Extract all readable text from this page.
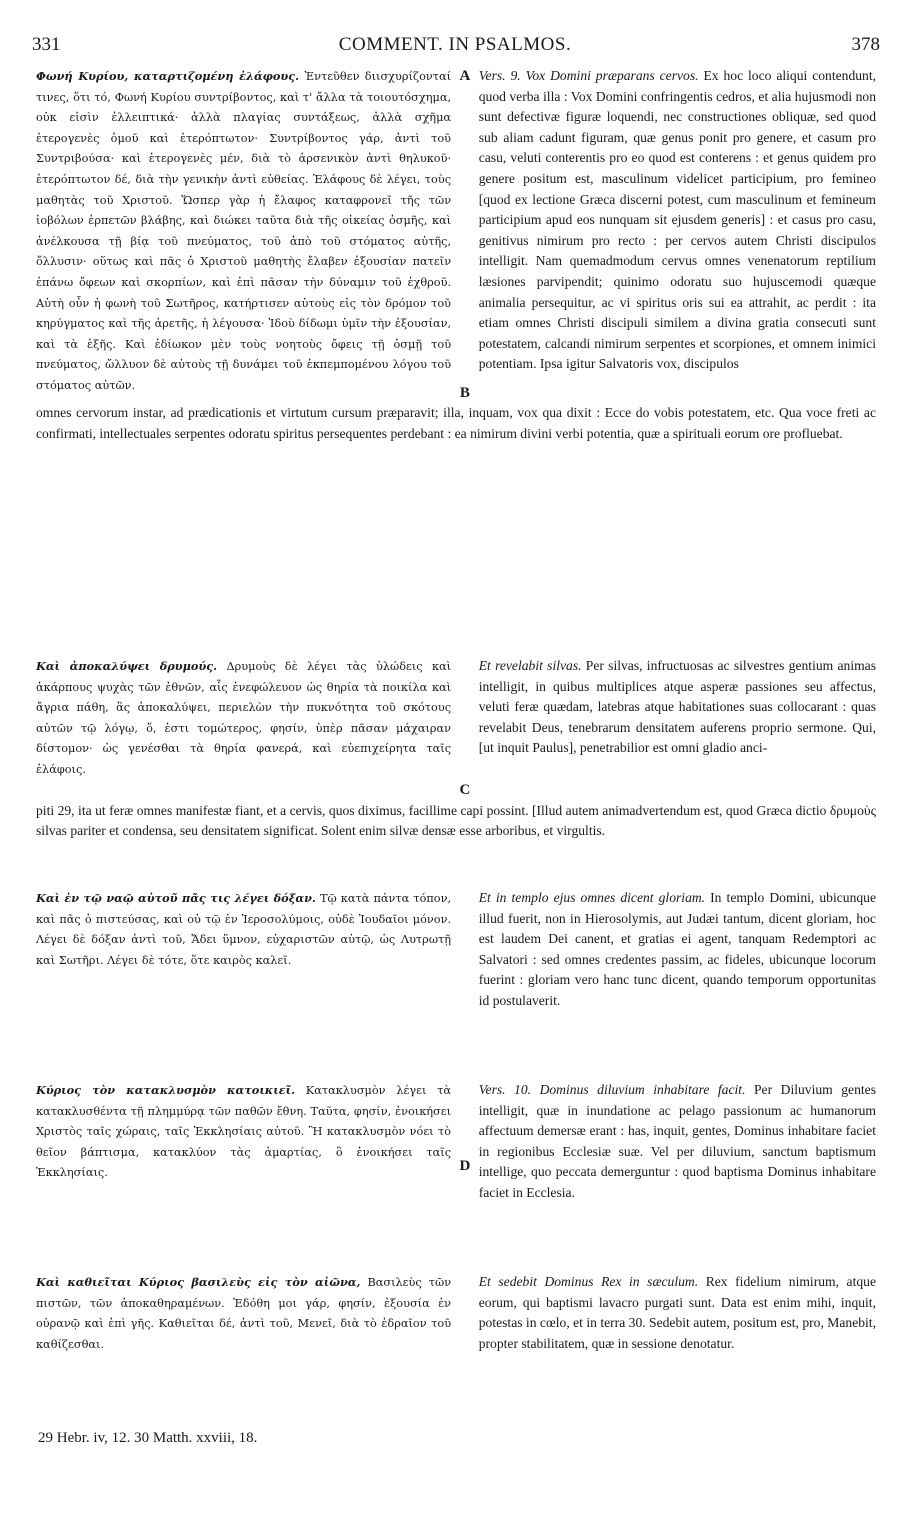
331	COMMENT. IN PSALMOS.	378

Φωνή Κυρίου, καταρτιζομένη ἐλάφους. Ἐντεῦθεν διισχυρίζονταί τινες, ὅτι τό, Φωνή Κυρίου συντρίβοντος, καὶ τ' ἄλλα τὰ τοιουτόσχημα, οὐκ εἰσὶν ἐλλειπτικά· ἀλλὰ πλαγίας συντάξεως, ἀλλὰ σχῆμα ἑτερογενὲς ὁμοῦ καὶ ἑτερόπτωτον· Συντρίβοντος γάρ, ἀντὶ τοῦ Συντριβούσα· καὶ ἑτερογενὲς μέν, διὰ τὸ ἀρσενικὸν ἀντὶ θηλυκοῦ· ἑτερόπτωτον δέ, διὰ τὴν γενικὴν ἀντὶ εὐθείας. Ἐλάφους δὲ λέγει, τοὺς μαθητὰς τοῦ Χριστοῦ. Ὥσπερ γὰρ ἡ ἔλαφος καταφρονεῖ τῆς τῶν ἰοβόλων ἑρπετῶν βλάβης, καὶ διώκει ταῦτα διὰ τῆς οἰκείας ὀσμῆς, καὶ ἀνέλκουσα τῇ βίᾳ τοῦ πνεύματος, τοῦ ἀπὸ τοῦ στόματος αὐτῆς, ὄλλυσιν· οὕτως καὶ πᾶς ὁ Χριστοῦ μαθητὴς ἔλαβεν ἐξουσίαν πατεῖν ἐπάνω ὄφεων καὶ σκορπίων, καὶ ἐπὶ πᾶσαν τὴν δύναμιν τοῦ ἐχθροῦ. Αὐτὴ οὖν ἡ φωνὴ τοῦ Σωτῆρος, κατήρτισεν αὐτοὺς εἰς τὸν δρόμον τοῦ κηρύγματος καὶ τῆς ἀρετῆς, ἡ λέγουσα· Ἰδοὺ δίδωμι ὑμῖν τὴν ἐξουσίαν, καὶ τὰ ἑξῆς. Καὶ ἐδίωκον μὲν τοὺς νοητοὺς ὄφεις τῇ ὀσμῇ τοῦ πνεύματος, ὤλλυον δὲ αὐτοὺς τῇ δυνάμει τοῦ ἐκπεμπομένου λόγου τοῦ στόματος αὐτῶν.

A
B

Vers. 9. Vox Domini præparans cervos. Ex hoc loco aliqui contendunt, quod verba illa : Vox Domini confringentis cedros, et alia hujusmodi non sunt defectivæ figuræ loquendi, nec constructiones obliquæ, sed quod sub aliam cadunt figuram, quæ genus ponit pro genere, et casum pro casu, veluti conterentis pro eo quod est conterens : et genus quidem pro genere positum est, masculinum videlicet participium, pro femineo [quod ex lectione Græca discerni potest, cum masculinum et femineum participium apud eos nunquam sit ejusdem generis] : et casus pro casu, genitivus nimirum pro recto : per cervos autem Christi discipulos intelligit. Nam quemadmodum cervus omnes venenatorum reptilium læsiones parvipendit; quinimo odoratu suo hujuscemodi quæque animalia persequitur, ac vi spiritus oris sui ea attrahit, ac perdit : ita etiam omnes Christi discipuli similem a divina gratia consecuti sunt potestatem, calcandi nimirum serpentes et scorpiones, et omnem inimici potentiam. Ipsa igitur Salvatoris vox, discipulos

omnes cervorum instar, ad prædicationis et virtutum cursum præparavit; illa, inquam, vox qua dixit : Ecce do vobis potestatem, etc. Qua voce freti ac confirmati, intellectuales serpentes odoratu spiritus persequentes perdebant : ea nimirum divini verbi potentia, quæ a spirituali eorum ore profluebat.

Καὶ ἀποκαλύψει δρυμούς. Δρυμοὺς δὲ λέγει τὰς ὑλώδεις καὶ ἀκάρπους ψυχὰς τῶν ἐθνῶν, αἷς ἐνεφώλευον ὡς θηρία τὰ ποικίλα καὶ ἄγρια πάθη, ἃς ἀποκαλύψει, περιελὼν τὴν πυκνότητα τοῦ σκότους αὐτῶν τῷ λόγῳ, ὅ, ἐστι τομώτερος, φησίν, ὑπὲρ πᾶσαν μάχαιραν δίστομον· ὡς γενέσθαι τὰ θηρία φανερά, καὶ εὐεπιχείρητα ταῖς ἐλάφοις.

C

Et revelabit silvas. Per silvas, infructuosas ac silvestres gentium animas intelligit, in quibus multiplices atque asperæ passiones seu affectus, veluti feræ quædam, latebras atque habitationes suas collocarant : quas revelabit Deus, tenebrarum densitatem auferens proprio sermone. Qui, [ut inquit Paulus], penetrabilior est omni gladio anci-

piti 29, ita ut feræ omnes manifestæ fiant, et a cervis, quos diximus, facillime capi possint. [Illud autem animadvertendum est, quod Græca dictio δρυμοὺς silvas pariter et condensa, seu densitatem significat. Solent enim silvæ densæ esse arboribus, et virgultis.

Καὶ ἐν τῷ ναῷ αὐτοῦ πᾶς τις λέγει δόξαν. Τῷ κατὰ πάντα τόπον, καὶ πᾶς ὁ πιστεύσας, καὶ οὐ τῷ ἐν Ἱεροσολύμοις, οὐδὲ Ἰουδαῖοι μόνον. Λέγει δὲ δόξαν ἀντὶ τοῦ, Ἄδει ὕμνον, εὐχαριστῶν αὐτῷ, ὡς Λυτρωτῇ καὶ Σωτῆρι. Λέγει δὲ τότε, ὅτε καιρὸς καλεῖ.

Et in templo ejus omnes dicent gloriam. In templo Domini, ubicunque illud fuerit, non in Hierosolymis, aut Judæi tantum, dicent gloriam, hoc est laudem Dei canent, et gratias ei agent, tanquam Redemptori ac Salvatori : sed omnes credentes passim, ac fideles, ubicunque locorum fuerint : gloriam vero hanc tunc dicent, quando temporum opportunitas id postulaverit.

Κύριος τὸν κατακλυσμὸν κατοικιεῖ. Κατακλυσμὸν λέγει τὰ κατακλυσθέντα τῇ πλημμύρᾳ τῶν παθῶν ἔθνη. Ταῦτα, φησίν, ἐνοικήσει Χριστὸς ταῖς χώραις, ταῖς Ἐκκλησίαις αὐτοῦ. Ἢ κατακλυσμὸν νόει τὸ θεῖον βάπτισμα, κατακλύον τὰς ἁμαρτίας, ὃ ἐνοικήσει ταῖς Ἐκκλησίαις.	D

Vers. 10. Dominus diluvium inhabitare facit. Per Diluvium gentes intelligit, quæ in inundatione ac pelago passionum ac humanorum affectuum demersæ erant : has, inquit, gentes, Dominus inhabitare faciet in regionibus Ecclesiæ suæ. Vel per diluvium, sanctum baptismum intellige, quo peccata demerguntur : quod baptisma Dominus inhabitare faciet in Ecclesia.

Καὶ καθιεῖται Κύριος βασιλεὺς εἰς τὸν αἰῶνα, Βασιλεὺς τῶν πιστῶν, τῶν ἀποκαθηραμένων. Ἐδόθη μοι γάρ, φησίν, ἐξουσία ἐν οὐρανῷ καὶ ἐπὶ γῆς. Καθιεῖται δέ, ἀντὶ τοῦ, Μενεῖ, διὰ τὸ ἑδραῖον τοῦ καθίζεσθαι.

Et sedebit Dominus Rex in sæculum. Rex fidelium nimirum, atque eorum, qui baptismi lavacro purgati sunt. Data est enim mihi, inquit, potestas in cœlo, et in terra 30. Sedebit autem, positum est, pro, Manebit, propter stabilitatem, quæ in sessione denotatur.

29 Hebr. iv, 12. 30 Matth. xxviii, 18.
